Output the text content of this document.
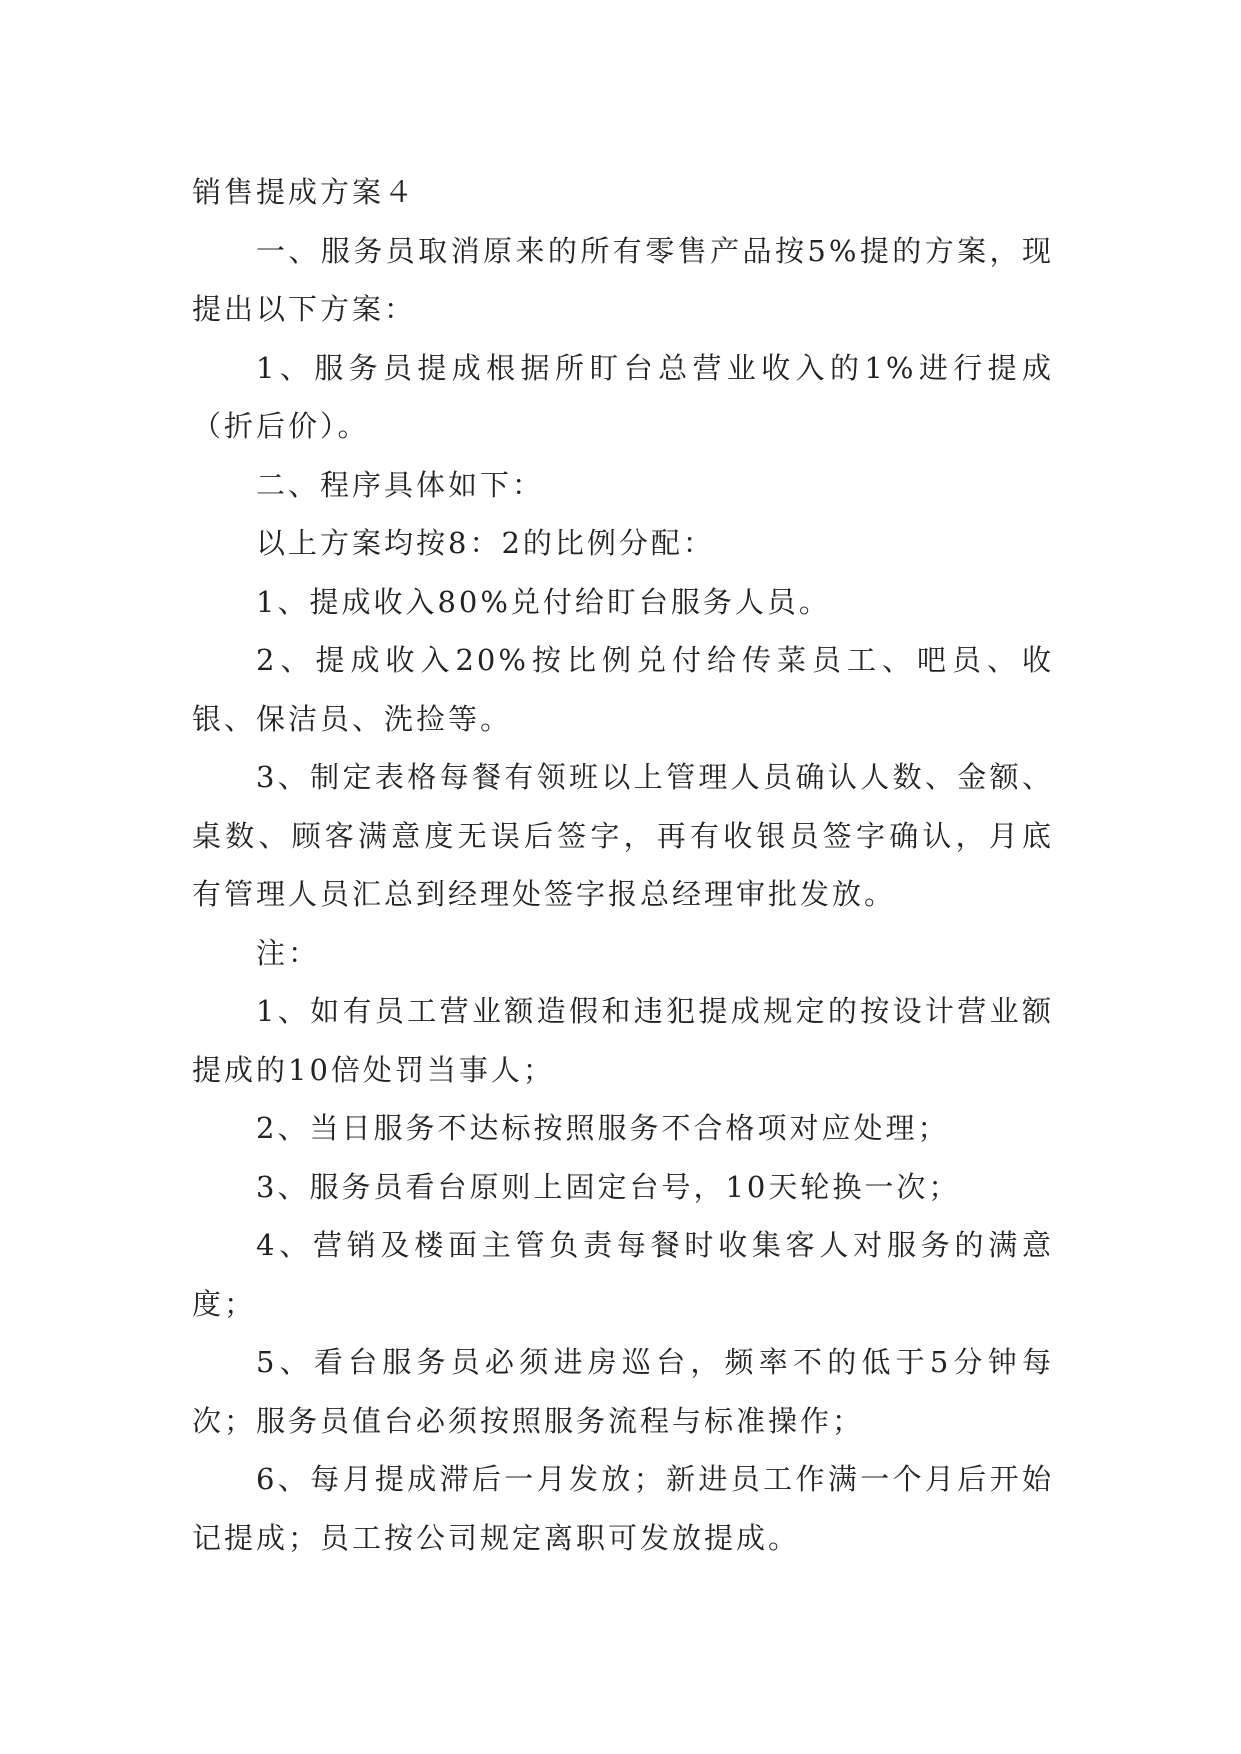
销售提成方案４

一、服务员取消原来的所有零售产品按5%提的方案，现提出以下方案：

1、服务员提成根据所盯台总营业收入的1%进行提成（折后价）。

二、程序具体如下：

以上方案均按8：2的比例分配：

1、提成收入80%兑付给盯台服务人员。

2、提成收入20%按比例兑付给传菜员工、吧员、收银、保洁员、洗捡等。

3、制定表格每餐有领班以上管理人员确认人数、金额、桌数、顾客满意度无误后签字，再有收银员签字确认，月底有管理人员汇总到经理处签字报总经理审批发放。

注：

1、如有员工营业额造假和违犯提成规定的按设计营业额提成的10倍处罚当事人；

2、当日服务不达标按照服务不合格项对应处理；

3、服务员看台原则上固定台号，10天轮换一次；

4、营销及楼面主管负责每餐时收集客人对服务的满意度；

5、看台服务员必须进房巡台，频率不的低于5分钟每次；服务员值台必须按照服务流程与标准操作；

6、每月提成滞后一月发放；新进员工作满一个月后开始记提成；员工按公司规定离职可发放提成。
